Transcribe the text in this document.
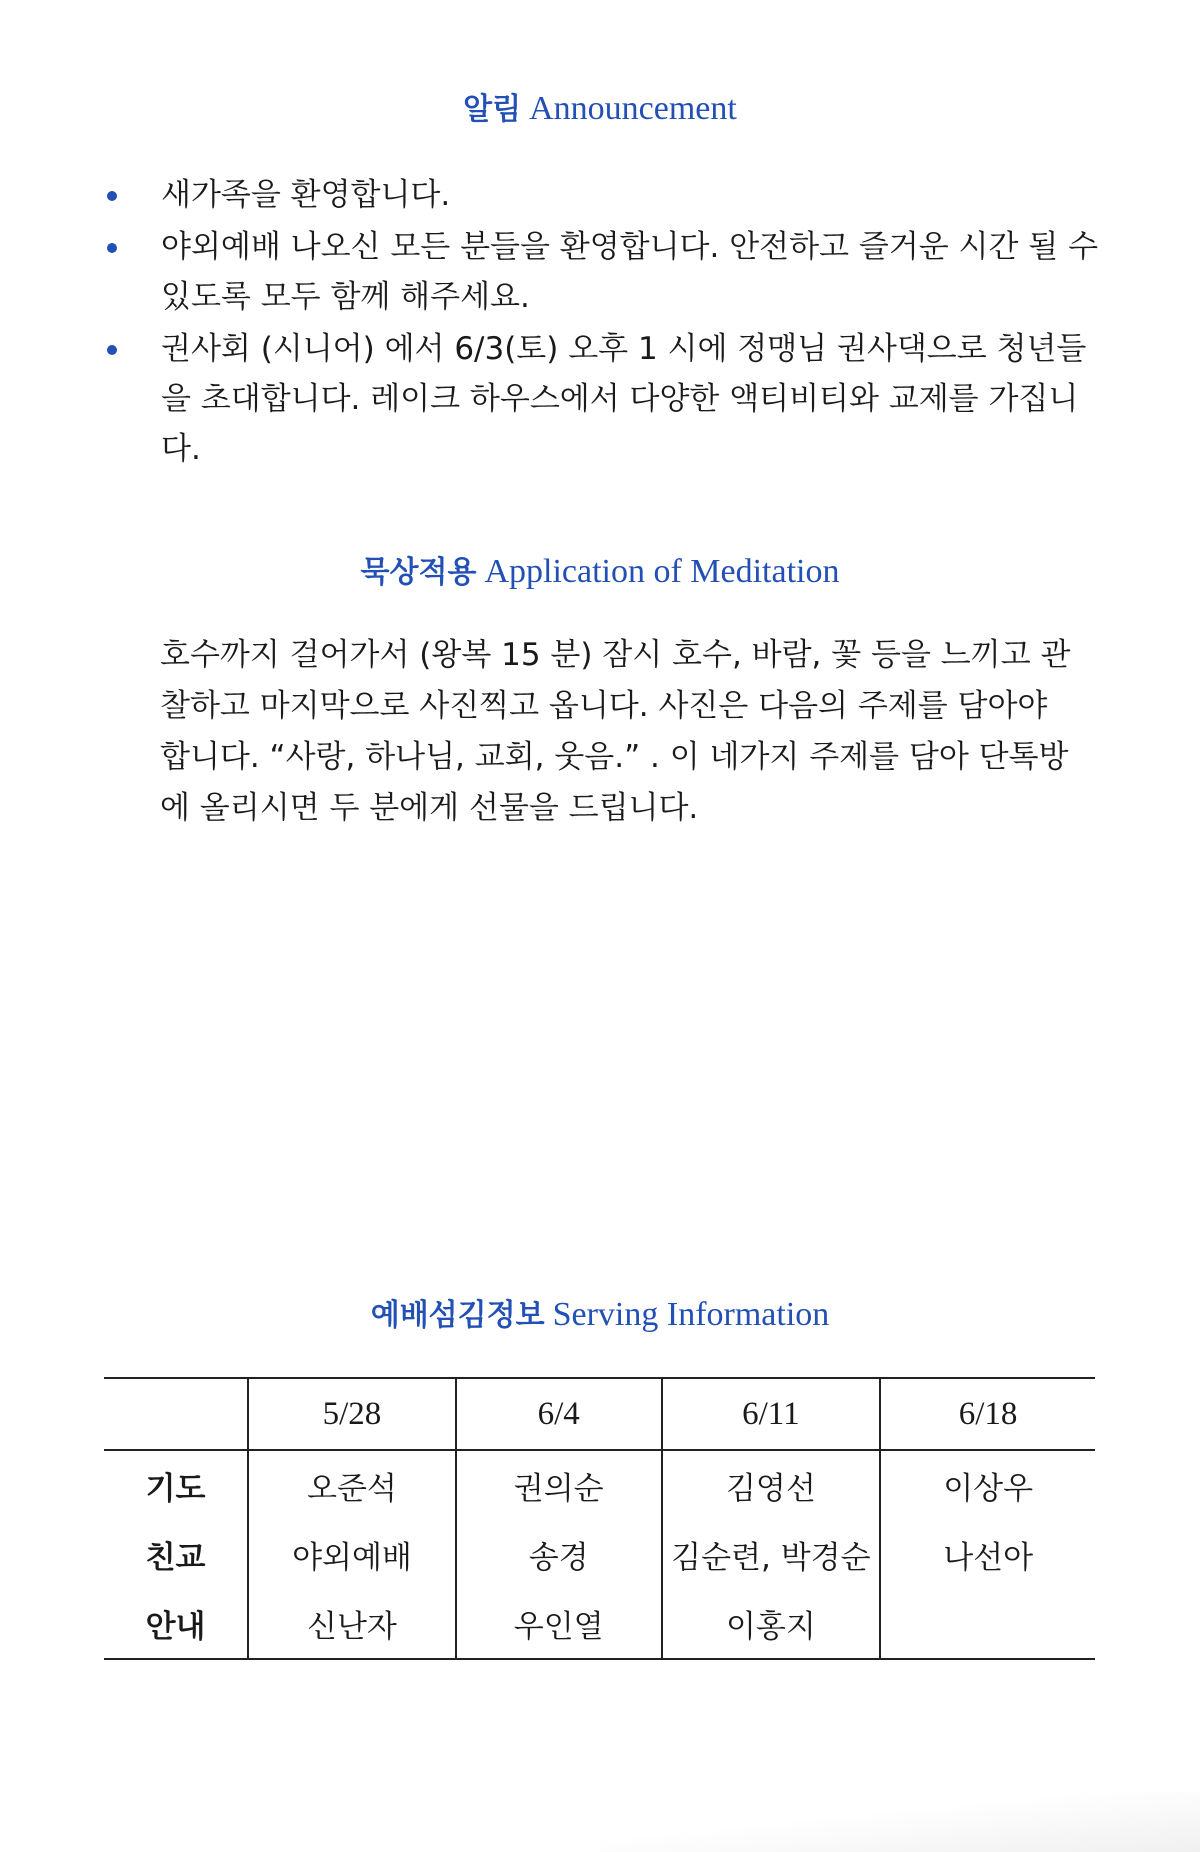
알림 Announcement
새가족을 환영합니다.
야외예배 나오신 모든 분들을 환영합니다. 안전하고 즐거운 시간 될 수 있도록 모두 함께 해주세요.
권사회 (시니어) 에서 6/3(토) 오후 1 시에 정맹님 권사댁으로 청년들을 초대합니다. 레이크 하우스에서 다양한 액티비티와 교제를 가집니다.
묵상적용 Application of Meditation

호수까지 걸어가서 (왕복 15 분) 잠시 호수, 바람, 꽃 등을 느끼고 관찰하고 마지막으로 사진찍고 옵니다. 사진은 다음의 주제를 담아야 합니다. “사랑, 하나님, 교회, 웃음.” . 이 네가지 주제를 담아 단톡방에 올리시면 두 분에게 선물을 드립니다.

예배섬김정보 Serving Information
	5/28	6/4	6/11	6/18
기도	오준석	권의순	김영선	이상우
친교	야외예배	송경	김순련, 박경순	나선아
안내	신난자	우인열	이홍지	
